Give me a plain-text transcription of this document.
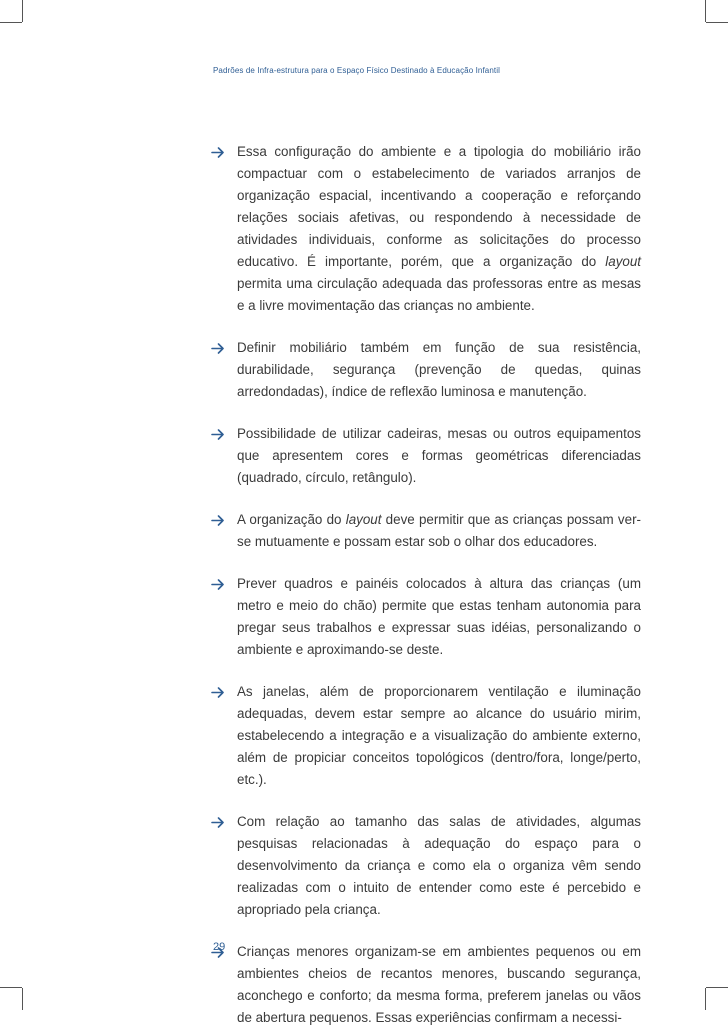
Padrões de Infra-estrutura para o Espaço Físico Destinado à Educação Infantil
Essa configuração do ambiente e a tipologia do mobiliário irão compactuar com o estabelecimento de variados arranjos de organização espacial, incentivando a cooperação e reforçando relações sociais afetivas, ou respondendo à necessidade de atividades individuais, conforme as solicitações do processo educativo. É importante, porém, que a organização do layout permita uma circulação adequada das professoras entre as mesas e a livre movimentação das crianças no ambiente.
Definir mobiliário também em função de sua resistência, durabilidade, segurança (prevenção de quedas, quinas arredondadas), índice de reflexão luminosa e manutenção.
Possibilidade de utilizar cadeiras, mesas ou outros equipamentos que apresentem cores e formas geométricas diferenciadas (quadrado, círculo, retângulo).
A organização do layout deve permitir que as crianças possam ver-se mutuamente e possam estar sob o olhar dos educadores.
Prever quadros e painéis colocados à altura das crianças (um metro e meio do chão) permite que estas tenham autonomia para pregar seus trabalhos e expressar suas idéias, personalizando o ambiente e aproximando-se deste.
As janelas, além de proporcionarem ventilação e iluminação adequadas, devem estar sempre ao alcance do usuário mirim, estabelecendo a integração e a visualização do ambiente externo, além de propiciar conceitos topológicos (dentro/fora, longe/perto, etc.).
Com relação ao tamanho das salas de atividades, algumas pesquisas relacionadas à adequação do espaço para o desenvolvimento da criança e como ela o organiza vêm sendo realizadas com o intuito de entender como este é percebido e apropriado pela criança.
Crianças menores organizam-se em ambientes pequenos ou em ambientes cheios de recantos menores, buscando segurança, aconchego e conforto; da mesma forma, preferem janelas ou vãos de abertura pequenos. Essas experiências confirmam a necessi-
29
